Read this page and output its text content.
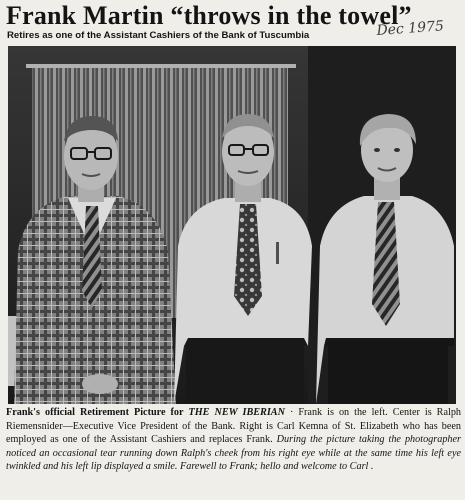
Frank Martin “throws in the towel”
Retires as one of the Assistant Cashiers of the Bank of Tuscumbia	Dec 1975
Frank's official Retirement Picture for THE NEW IBERIAN · Frank is on the left. Center is Ralph Riemensnider—Executive Vice President of the Bank. Right is Carl Kemna of St. Elizabeth who has been employed as one of the Assistant Cashiers and replaces Frank. During the picture taking the photographer noticed an occasional tear running down Ralph's cheek from his right eye while at the same time his left eye twinkled and his left lip displayed a smile. Farewell to Frank; hello and welcome to Carl .
